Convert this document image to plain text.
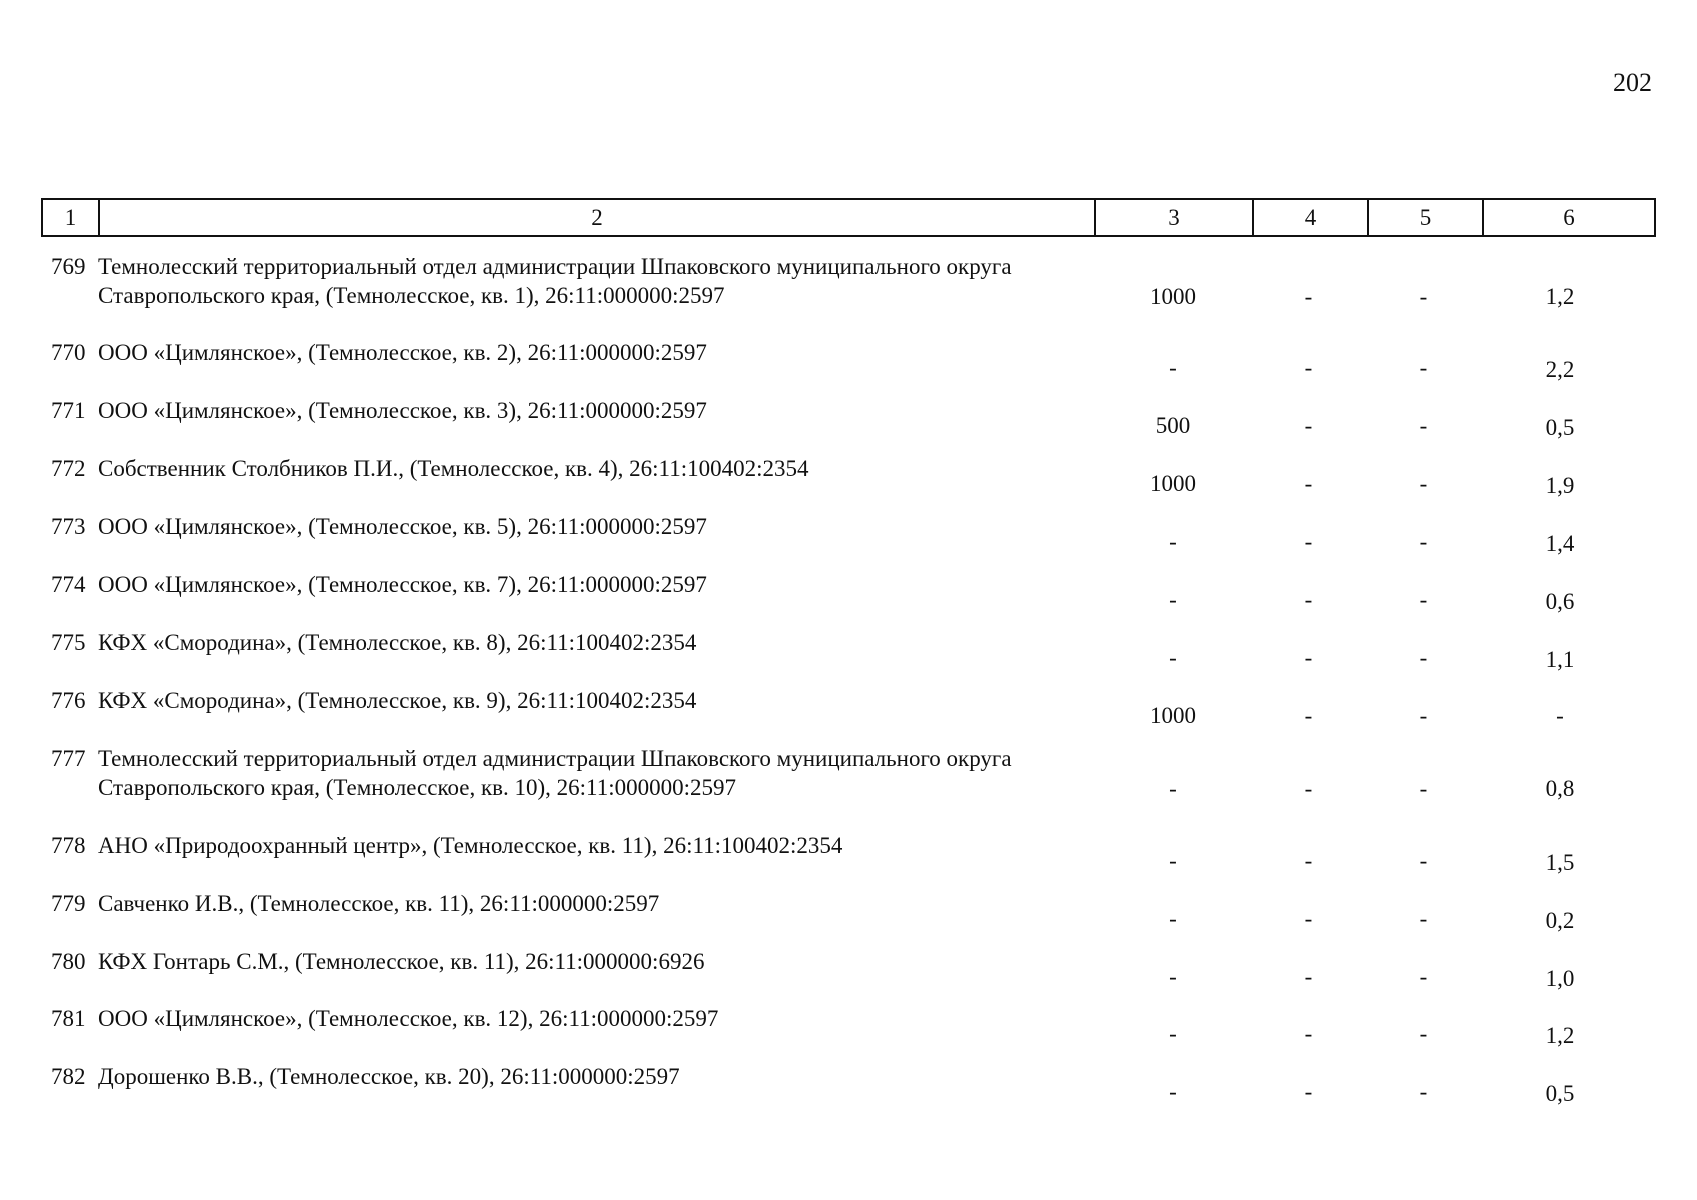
202
1	2	3	4	5	6
769 Темнолесский территориальный отдел администрации Шпаковского муниципального округа
Ставропольского края, (Темнолесское, кв. 1), 26:11:000000:2597	1000	-	-	1,2
770 ООО «Цимлянское», (Темнолесское, кв. 2), 26:11:000000:2597
-	-	-	2,2
771 ООО «Цимлянское», (Темнолесское, кв. 3), 26:11:000000:2597
500	-	-	0,5
772 Собственник Столбников П.И., (Темнолесское, кв. 4), 26:11:100402:2354
1000	-	-	1,9
773 ООО «Цимлянское», (Темнолесское, кв. 5), 26:11:000000:2597
-	-	-	1,4
774 ООО «Цимлянское», (Темнолесское, кв. 7), 26:11:000000:2597
-	-	-	0,6
775 КФХ «Смородина», (Темнолесское, кв. 8), 26:11:100402:2354
-	-	-	1,1
776 КФХ «Смородина», (Темнолесское, кв. 9), 26:11:100402:2354
1000	-	-	-
777 Темнолесский территориальный отдел администрации Шпаковского муниципального округа
Ставропольского края, (Темнолесское, кв. 10), 26:11:000000:2597	-	-	-	0,8
778 АНО «Природоохранный центр», (Темнолесское, кв. 11), 26:11:100402:2354
-	-	-	1,5
779 Савченко И.В., (Темнолесское, кв. 11), 26:11:000000:2597
-	-	-	0,2
780 КФХ Гонтарь С.М., (Темнолесское, кв. 11), 26:11:000000:6926
-	-	-	1,0
781 ООО «Цимлянское», (Темнолесское, кв. 12), 26:11:000000:2597
-	-	-	1,2
782 Дорошенко В.В., (Темнолесское, кв. 20), 26:11:000000:2597
-	-	-	0,5
